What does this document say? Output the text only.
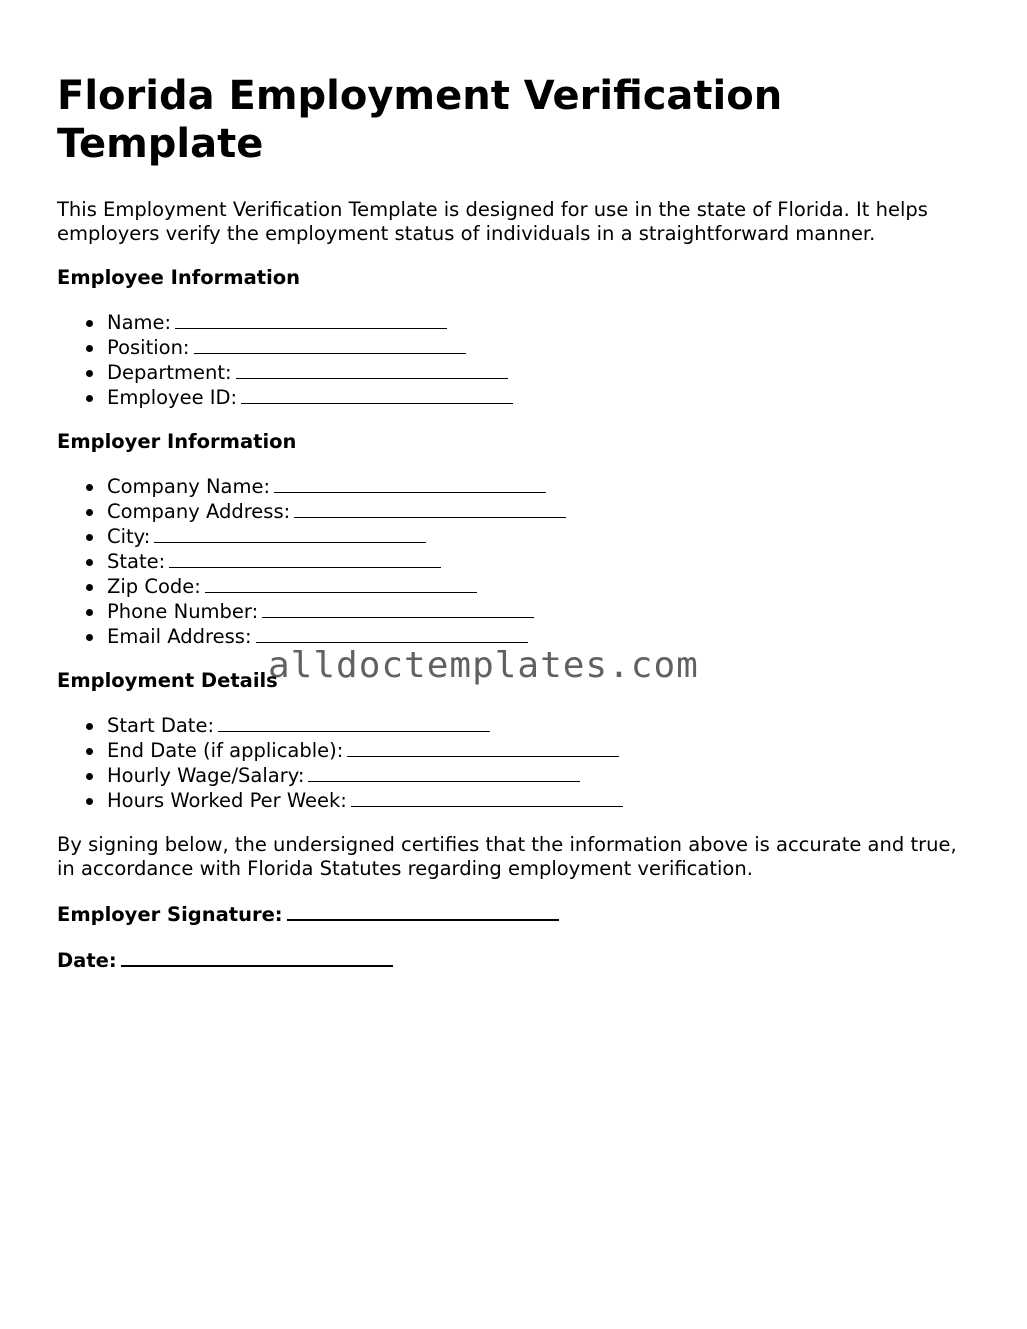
Florida Employment Verification Template

This Employment Verification Template is designed for use in the state of Florida. It helps employers verify the employment status of individuals in a straightforward manner.

Employee Information
Name:
Position:
Department:
Employee ID:
Employer Information
Company Name:
Company Address:
City:
State:
Zip Code:
Phone Number:
Email Address:
Employment Details
Start Date:
End Date (if applicable):
Hourly Wage/Salary:
Hours Worked Per Week:

By signing below, the undersigned certifies that the information above is accurate and true, in accordance with Florida Statutes regarding employment verification.

Employer Signature:
Date:
alldoctemplates.com
